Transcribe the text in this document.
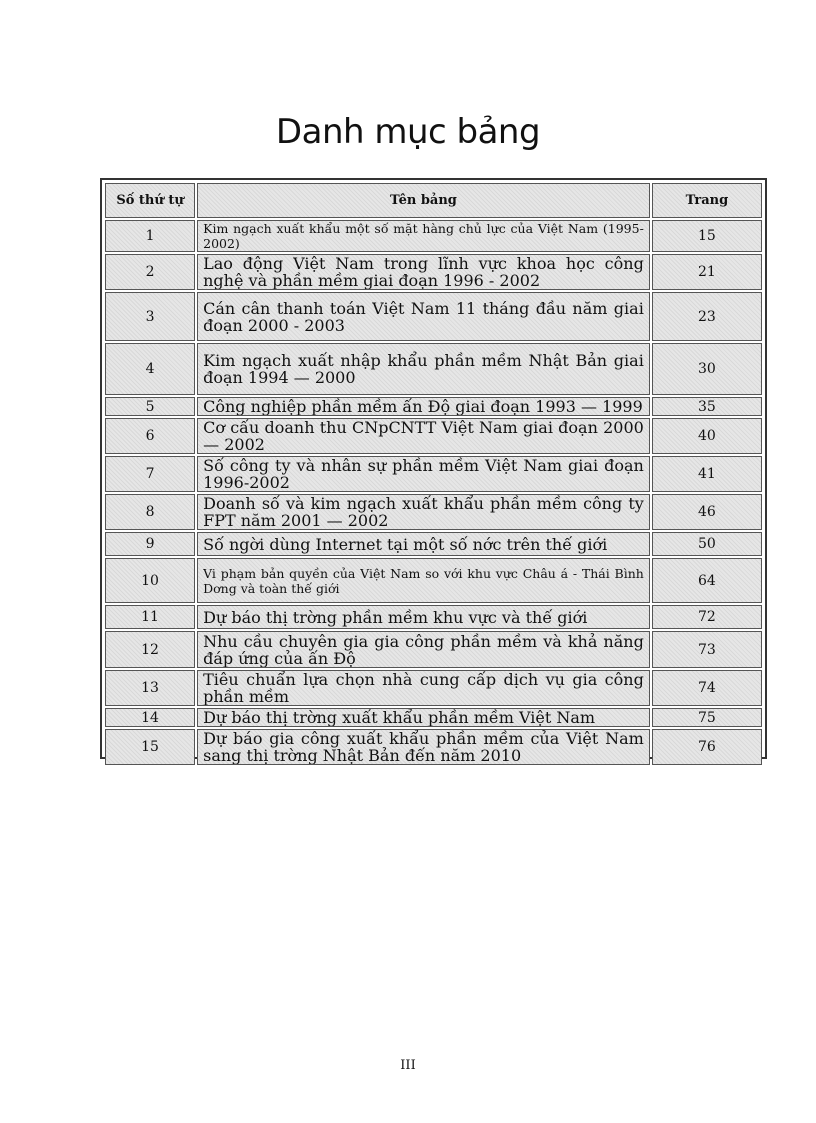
Danh mục bảng
Số thứ tự	Tên bảng	Trang
1	Kim ngạch xuất khẩu một số mặt hàng chủ lực của Việt Nam (1995-2002)	15
2	Lao động Việt Nam trong lĩnh vực khoa học công nghệ và phần mềm giai đoạn 1996 - 2002	21
3	Cán cân thanh toán Việt Nam 11 tháng đầu năm giai đoạn 2000 - 2003	23
4	Kim ngạch xuất nhập khẩu phần mềm Nhật Bản giai đoạn 1994 — 2000	30
5	Công nghiệp phần mềm ấn Độ giai đoạn 1993 — 1999	35
6	Cơ cấu doanh thu CNpCNTT Việt Nam giai đoạn 2000 — 2002	40
7	Số công ty và nhân sự phần mềm Việt Nam giai đoạn 1996-2002	41
8	Doanh số và kim ngạch xuất khẩu phần mềm công ty FPT năm 2001 — 2002	46
9	Số ngời dùng Internet tại một số nớc trên thế giới	50
10	Vi phạm bản quyền của Việt Nam so với khu vực Châu á - Thái Bình Dơng và toàn thế giới	64
11	Dự báo thị trờng phần mềm khu vực và thế giới	72
12	Nhu cầu chuyên gia gia công phần mềm và khả năng đáp ứng của ấn Độ	73
13	Tiêu chuẩn lựa chọn nhà cung cấp dịch vụ gia công phần mềm	74
14	Dự báo thị trờng xuất khẩu phần mềm Việt Nam	75
15	Dự báo gia công xuất khẩu phần mềm của Việt Nam sang thị trờng Nhật Bản đến năm 2010	76
III
